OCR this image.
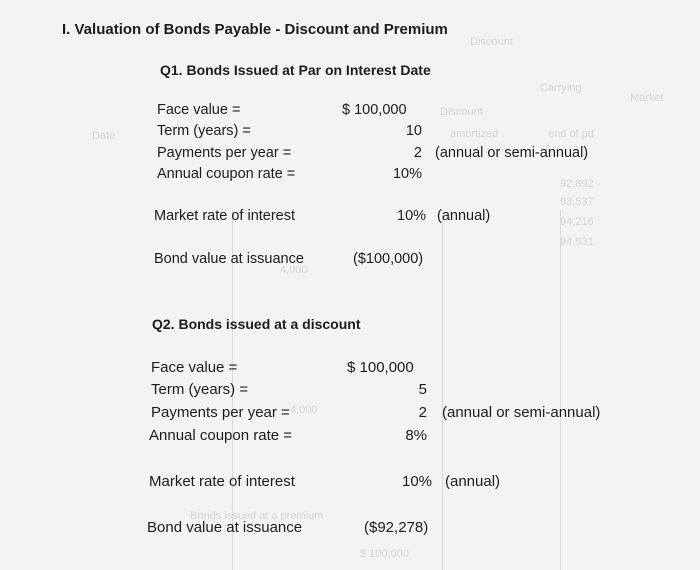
Discount
Carrying
Market
Discount
amortized	end of pd
Date
92,892
93,537
94,216
94,931
4,000
4,000
Bonds issued at a premium
$ 100,000
I. Valuation of Bonds Payable - Discount and Premium
Q1. Bonds Issued at Par on Interest Date
Face value =	$ 100,000
Term (years) =	10
Payments per year =	2 (annual or semi-annual)
Annual coupon rate =	10%
Market rate of interest	10% (annual)
Bond value at issuance	($100,000)
Q2. Bonds issued at a discount
Face value =	$ 100,000
Term (years) =	5
Payments per year =	2 (annual or semi-annual)
Annual coupon rate =	8%
Market rate of interest	10% (annual)
Bond value at issuance	($92,278)
